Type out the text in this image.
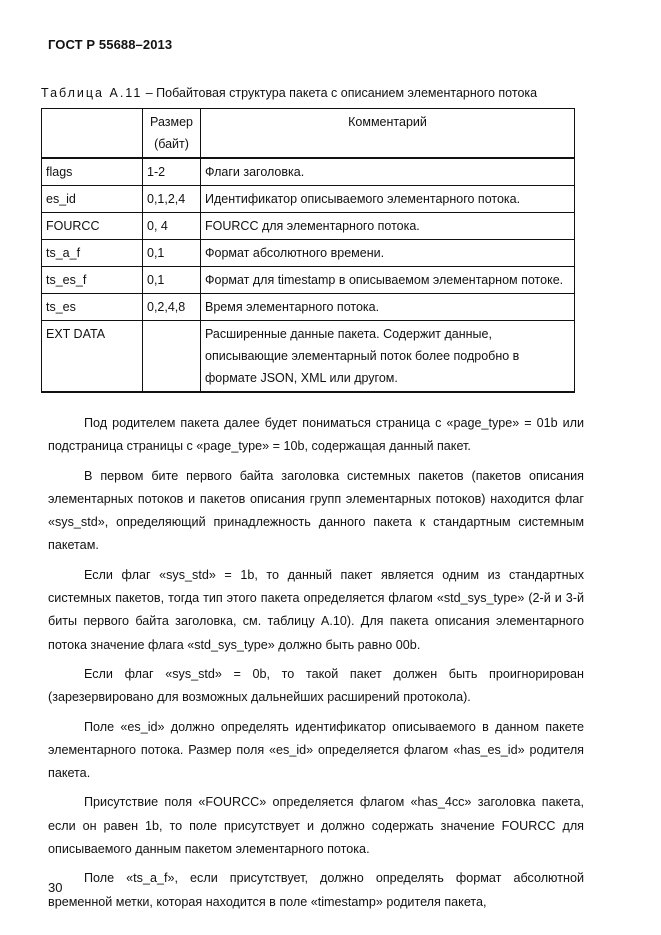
ГОСТ Р 55688–2013
Таблица А.11 – Побайтовая структура пакета с описанием элементарного потока
	Размер (байт)	Комментарий
flags	1-2	Флаги заголовка.
es_id	0,1,2,4	Идентификатор описываемого элементарного потока.
FOURCC	0, 4	FOURCC для элементарного потока.
ts_a_f	0,1	Формат абсолютного времени.
ts_es_f	0,1	Формат для timestamp в описываемом элементарном потоке.
ts_es	0,2,4,8	Время элементарного потока.
EXT DATA		Расширенные данные пакета. Содержит данные, описывающие элементарный поток более подробно в формате JSON, XML или другом.

Под родителем пакета далее будет пониматься страница с «page_type» = 01b или подстраница страницы с «page_type» = 10b, содержащая данный пакет.

В первом бите первого байта заголовка системных пакетов (пакетов описания элементарных потоков и пакетов описания групп элементарных потоков) находится флаг «sys_std», определяющий принадлежность данного пакета к стандартным системным пакетам.

Если флаг «sys_std» = 1b, то данный пакет является одним из стандартных системных пакетов, тогда тип этого пакета определяется флагом «std_sys_type» (2-й и 3-й биты первого байта заголовка, см. таблицу А.10). Для пакета описания элементарного потока значение флага «std_sys_type» должно быть равно 00b.

Если флаг «sys_std» = 0b, то такой пакет должен быть проигнорирован (зарезервировано для возможных дальнейших расширений протокола).

Поле «es_id» должно определять идентификатор описываемого в данном пакете элементарного потока. Размер поля «es_id» определяется флагом «has_es_id» родителя пакета.

Присутствие поля «FOURCC» определяется флагом «has_4cc» заголовка пакета, если он равен 1b, то поле присутствует и должно содержать значение FOURCC для описываемого данным пакетом элементарного потока.

Поле «ts_a_f», если присутствует, должно определять формат абсолютной временной метки, которая находится в поле «timestamp» родителя пакета,

30
